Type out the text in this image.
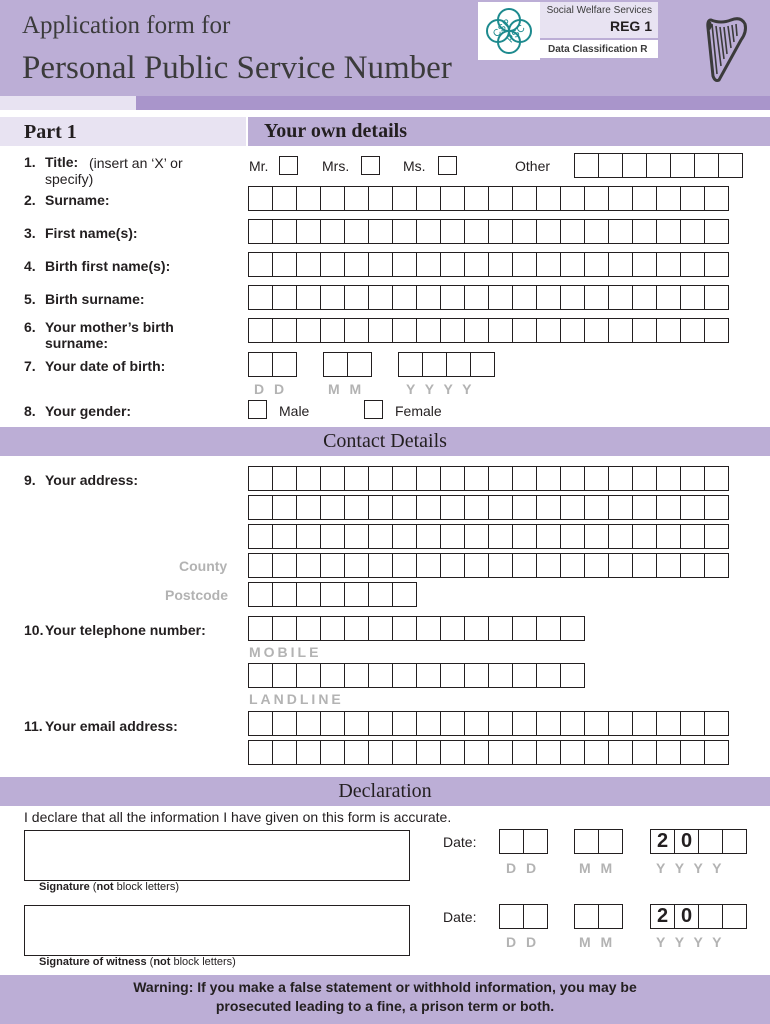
Application form for
Personal Public Service Number
CSP
PSC
Social Welfare Services
REG 1
Data Classification R
Part 1	Your own details
1. Title: (insert an ‘X’ or
specify)
Mr.	Mrs.	Ms.	Other
2. Surname:
3. First name(s):
4. Birth first name(s):
5. Birth surname:
6. Your mother’s birth
surname:
7. Your date of birth:
D D	M M	Y Y Y Y
8. Your gender:	Male	Female
Contact Details
9. Your address:
County
Postcode
10. Your telephone number:
MOBILE
LANDLINE
11. Your email address:
Declaration
I declare that all the information I have given on this form is accurate.
Date:	2 0
D D	M M	Y Y Y Y
Signature (not block letters)
Date:	2 0
D D	M M	Y Y Y Y
Signature of witness (not block letters)
Warning: If you make a false statement or withhold information, you may be
prosecuted leading to a fine, a prison term or both.
